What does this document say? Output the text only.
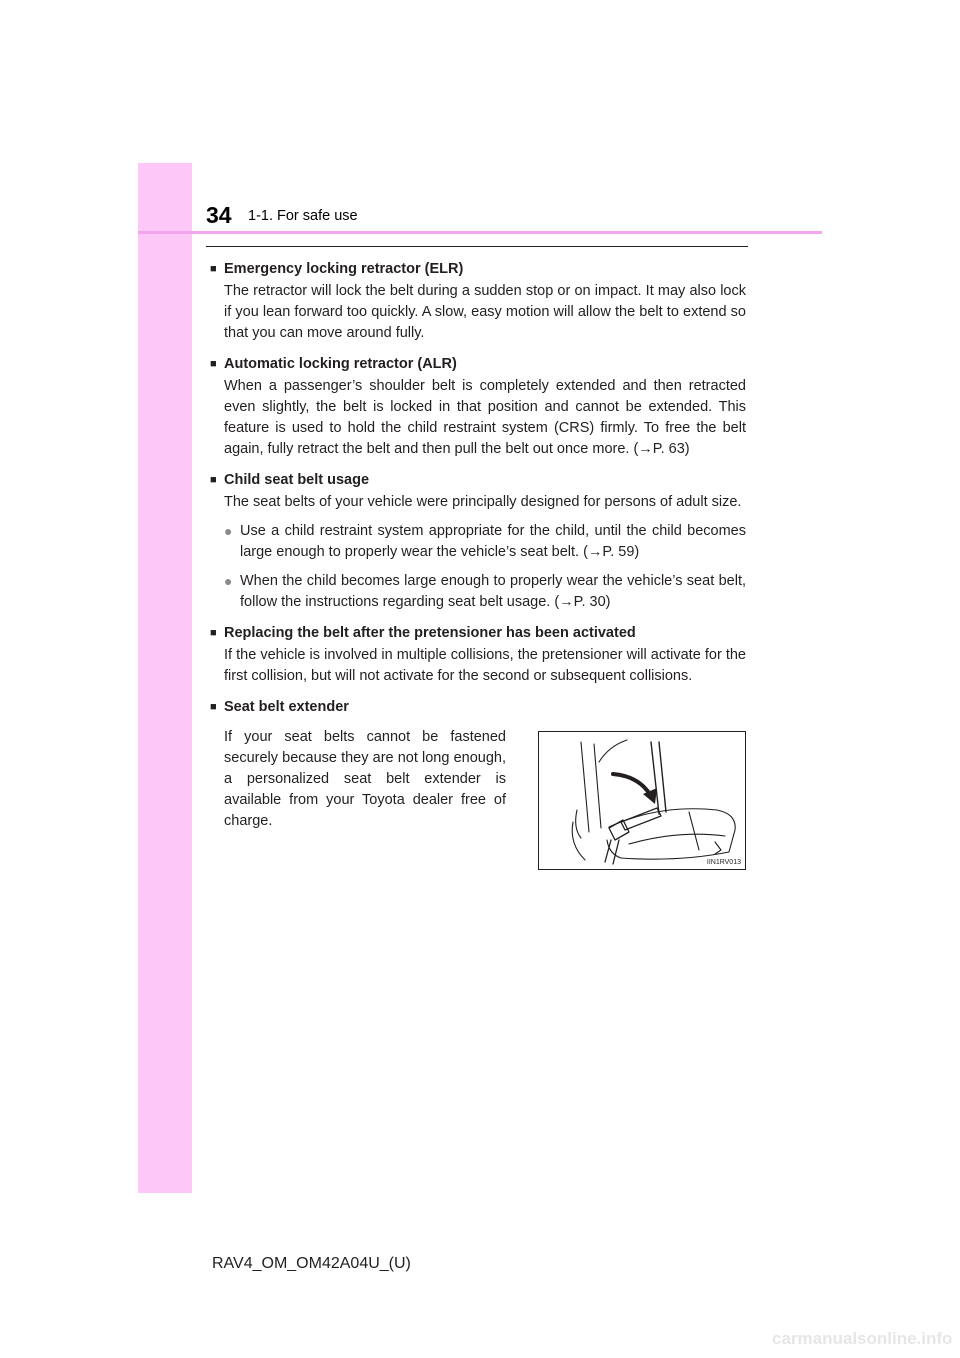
34 1-1. For safe use

■ Emergency locking retractor (ELR)

The retractor will lock the belt during a sudden stop or on impact. It may also lock if you lean forward too quickly. A slow, easy motion will allow the belt to extend so that you can move around fully.

■ Automatic locking retractor (ALR)

When a passenger’s shoulder belt is completely extended and then retracted even slightly, the belt is locked in that position and cannot be extended. This feature is used to hold the child restraint system (CRS) firmly. To free the belt again, fully retract the belt and then pull the belt out once more. (→P. 63)

■ Child seat belt usage

The seat belts of your vehicle were principally designed for persons of adult size.

● Use a child restraint system appropriate for the child, until the child becomes large enough to properly wear the vehicle’s seat belt. (→P. 59)
● When the child becomes large enough to properly wear the vehicle’s seat belt, follow the instructions regarding seat belt usage. (→P. 30)

■ Replacing the belt after the pretensioner has been activated

If the vehicle is involved in multiple collisions, the pretensioner will activate for the first collision, but will not activate for the second or subsequent collisions.

■ Seat belt extender

If your seat belts cannot be fastened securely because they are not long enough, a personalized seat belt extender is available from your Toyota dealer free of charge.

IIN1RV013
RAV4_OM_OM42A04U_(U)
carmanualsonline.info
